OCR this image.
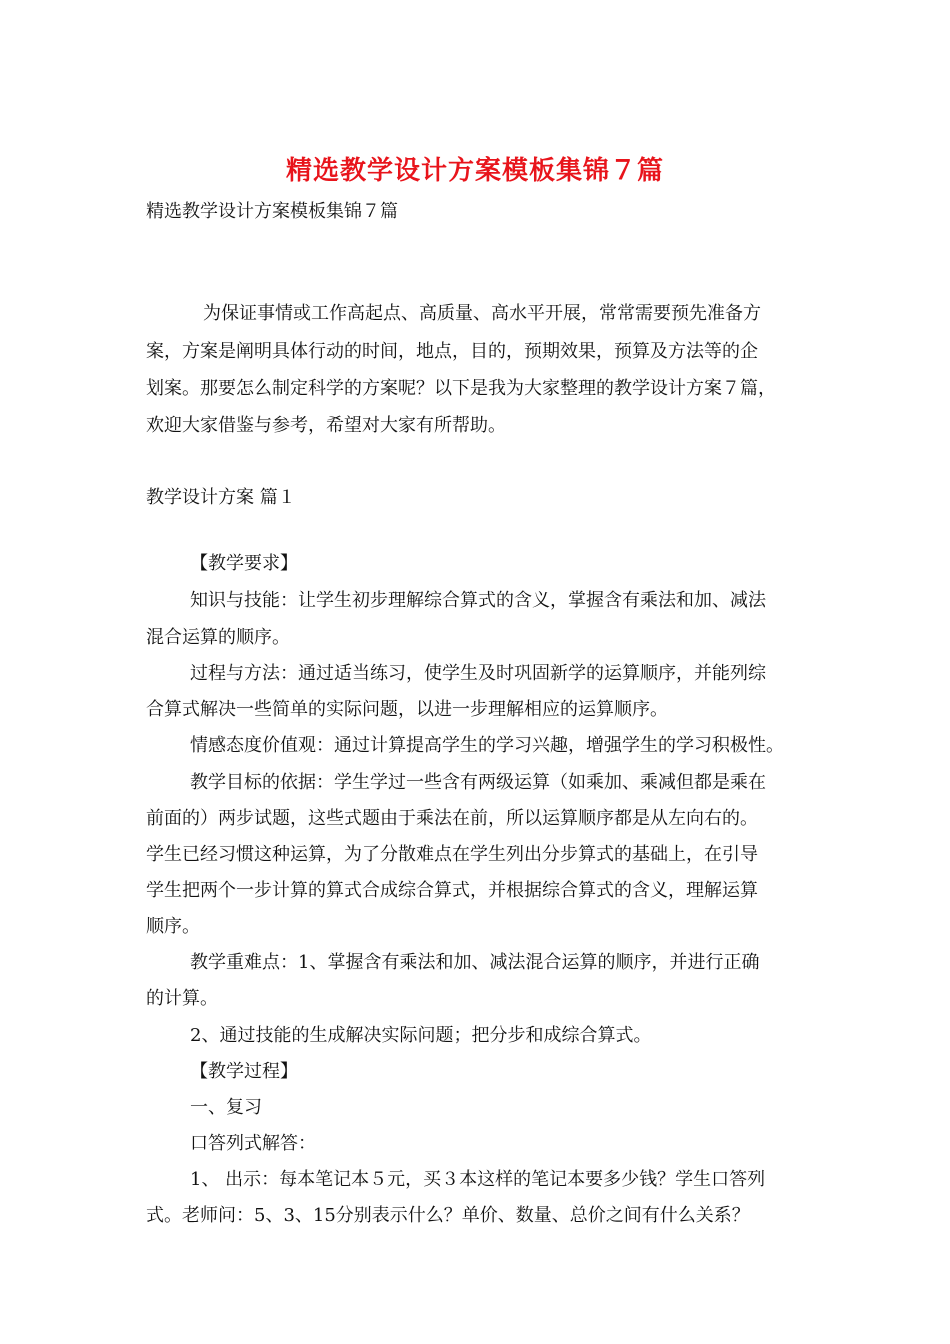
精选教学设计方案模板集锦７篇
精选教学设计方案模板集锦７篇
为保证事情或工作高起点、高质量、高水平开展，常常需要预先准备方
案，方案是阐明具体行动的时间，地点，目的，预期效果，预算及方法等的企
划案。那要怎么制定科学的方案呢？以下是我为大家整理的教学设计方案７篇，
欢迎大家借鉴与参考，希望对大家有所帮助。
教学设计方案 篇１
【教学要求】
知识与技能：让学生初步理解综合算式的含义，掌握含有乘法和加、减法
混合运算的顺序。
过程与方法：通过适当练习，使学生及时巩固新学的运算顺序，并能列综
合算式解决一些简单的实际问题，以进一步理解相应的运算顺序。
情感态度价值观：通过计算提高学生的学习兴趣，增强学生的学习积极性。
教学目标的依据：学生学过一些含有两级运算（如乘加、乘减但都是乘在
前面的）两步试题，这些式题由于乘法在前，所以运算顺序都是从左向右的。
学生已经习惯这种运算，为了分散难点在学生列出分步算式的基础上，在引导
学生把两个一步计算的算式合成综合算式，并根据综合算式的含义，理解运算
顺序。
教学重难点：1、掌握含有乘法和加、减法混合运算的顺序，并进行正确
的计算。
2、通过技能的生成解决实际问题；把分步和成综合算式。
【教学过程】
一、复习
口答列式解答：
1、 出示：每本笔记本５元，买３本这样的笔记本要多少钱？学生口答列
式。老师问：5、3、15分别表示什么？单价、数量、总价之间有什么关系？
